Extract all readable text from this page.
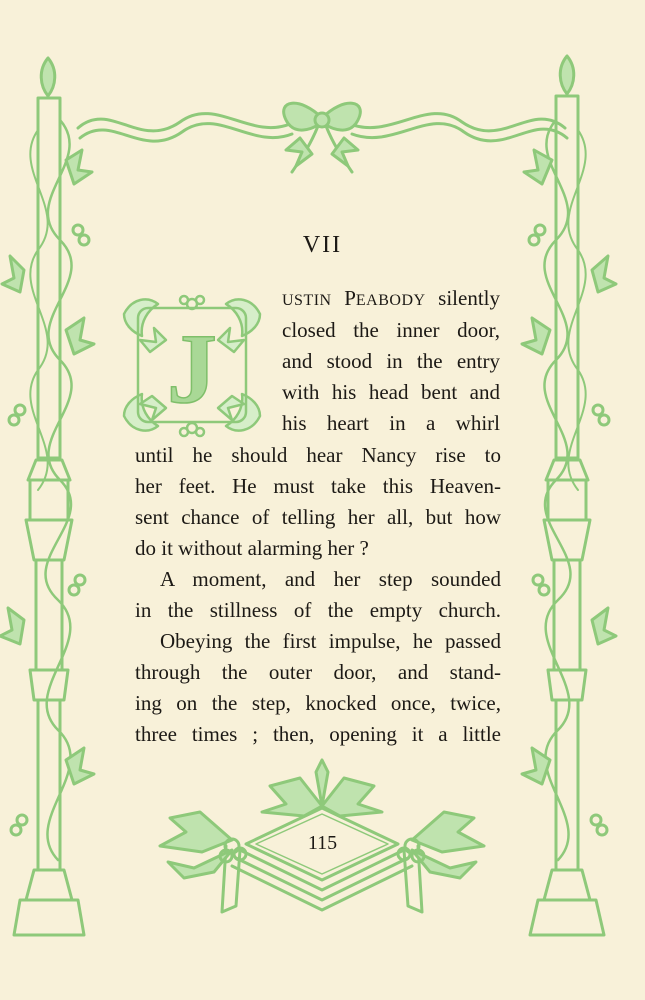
VII
J
USTIN PEABODY silently
closed the inner door,
and stood in the entry
with his head bent and
his heart in a whirl
until he should hear Nancy rise to
her feet. He must take this Heaven-
sent chance of telling her all, but how
do it without alarming her ?
A moment, and her step sounded
in the stillness of the empty church.
Obeying the first impulse, he passed
through the outer door, and stand-
ing on the step, knocked once, twice,
three times ; then, opening it a little
115
